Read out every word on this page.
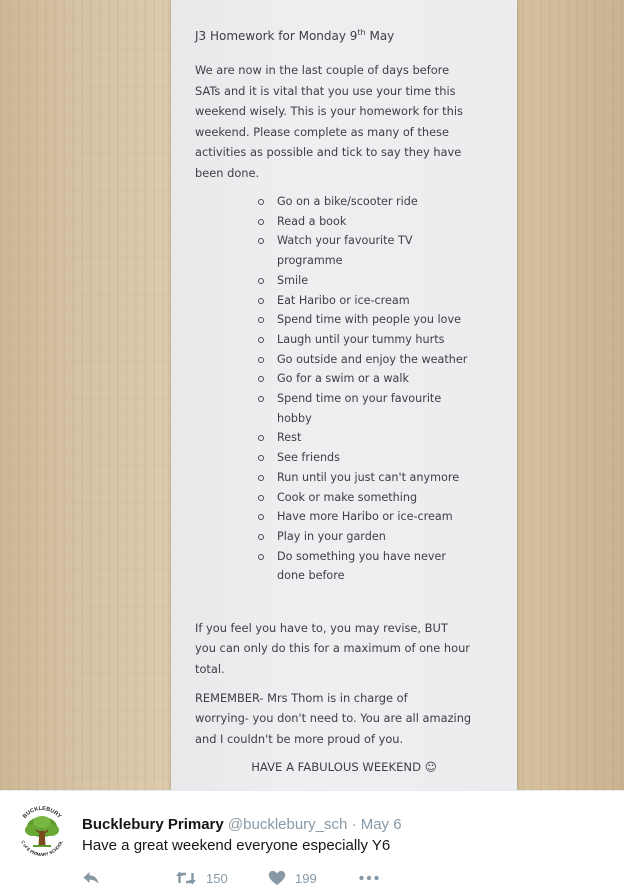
J3 Homework for Monday 9th May
We are now in the last couple of days before
SATs and it is vital that you use your time this
weekend wisely. This is your homework for this
weekend. Please complete as many of these
activities as possible and tick to say they have
been done.
Go on a bike/scooter ride
Read a book
Watch your favourite TV programme
Smile
Eat Haribo or ice-cream
Spend time with people you love
Laugh until your tummy hurts
Go outside and enjoy the weather
Go for a swim or a walk
Spend time on your favourite hobby
Rest
See friends
Run until you just can't anymore
Cook or make something
Have more Haribo or ice-cream
Play in your garden
Do something you have never done before
If you feel you have to, you may revise, BUT
you can only do this for a maximum of one hour
total.
REMEMBER- Mrs Thom is in charge of
worrying- you don't need to. You are all amazing
and I couldn't be more proud of you.
HAVE A FABULOUS WEEKEND ☺
BUCKLEBURY
C of E PRIMARY SCHOOL
Bucklebury Primary @bucklebury_sch · May 6
Have a great weekend everyone especially Y6
150	199
